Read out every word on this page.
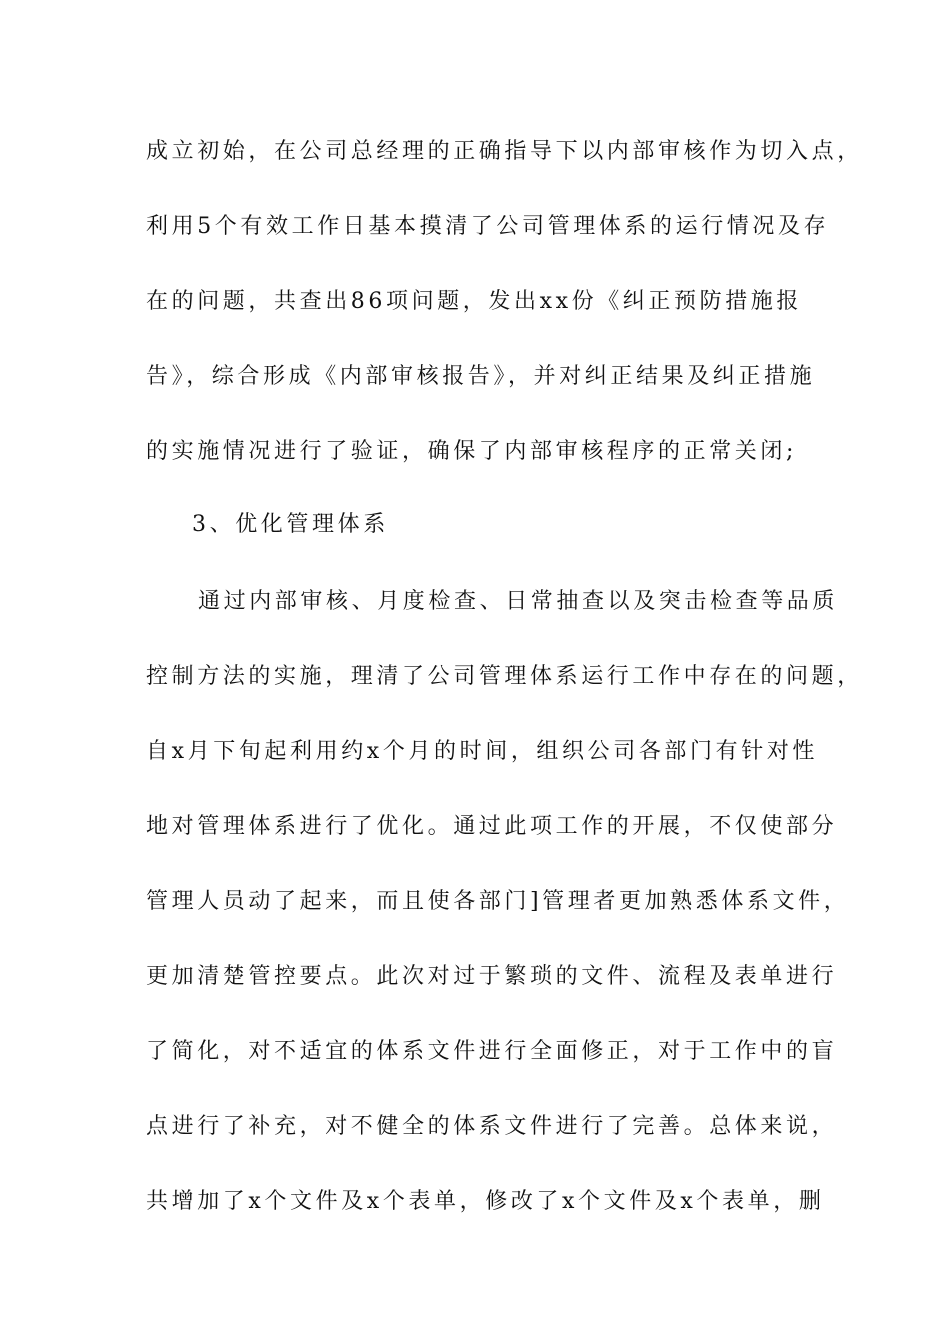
成立初始，在公司总经理的正确指导下以内部审核作为切入点，
利用5个有效工作日基本摸清了公司管理体系的运行情况及存
在的问题，共查出86项问题，发出xx份《纠正预防措施报
告》，综合形成《内部审核报告》，并对纠正结果及纠正措施
的实施情况进行了验证，确保了内部审核程序的正常关闭;
3、优化管理体系
通过内部审核、月度检查、日常抽查以及突击检查等品质
控制方法的实施，理清了公司管理体系运行工作中存在的问题，
自x月下旬起利用约x个月的时间，组织公司各部门有针对性
地对管理体系进行了优化。通过此项工作的开展，不仅使部分
管理人员动了起来，而且使各部门]管理者更加熟悉体系文件，
更加清楚管控要点。此次对过于繁琐的文件、流程及表单进行
了简化，对不适宜的体系文件进行全面修正，对于工作中的盲
点进行了补充，对不健全的体系文件进行了完善。总体来说，
共增加了x个文件及x个表单，修改了x个文件及x个表单，删
